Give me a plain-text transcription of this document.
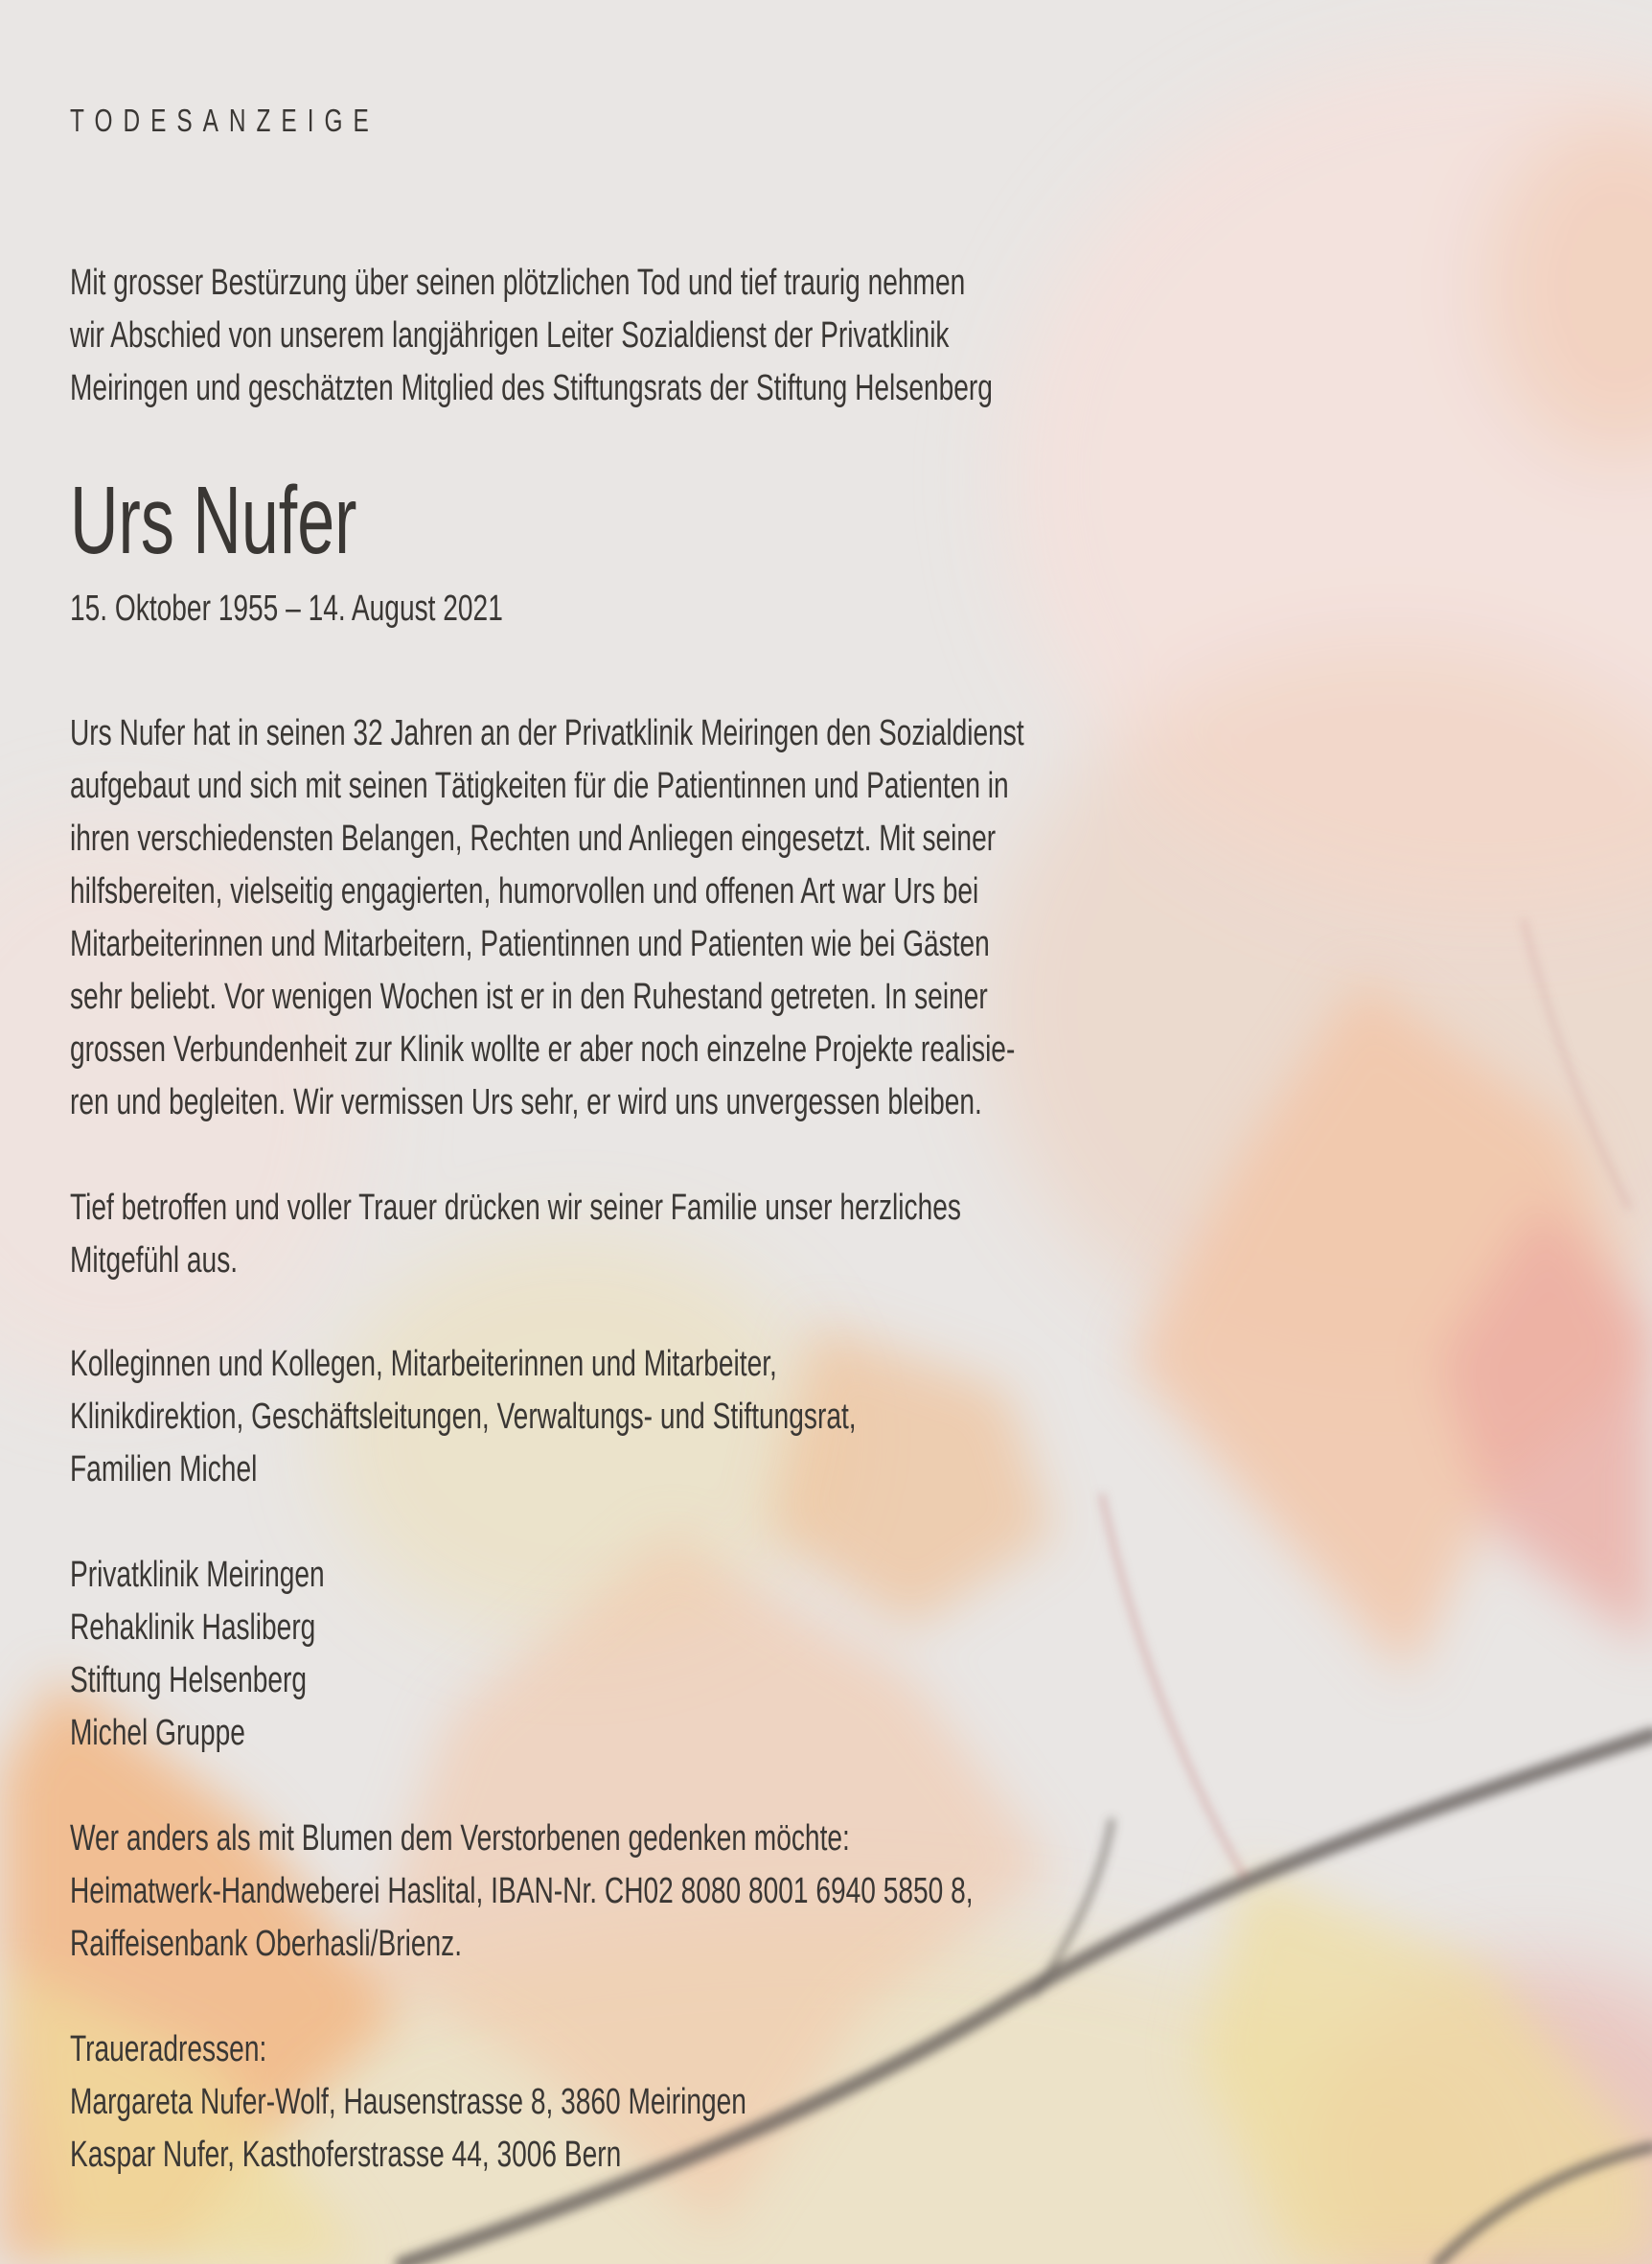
TODESANZEIGE
Mit grosser Bestürzung über seinen plötzlichen Tod und tief traurig nehmen
wir Abschied von unserem langjährigen Leiter Sozialdienst der Privatklinik
Meiringen und geschätzten Mitglied des Stiftungsrats der Stiftung Helsenberg
Urs Nufer
15. Oktober 1955 – 14. August 2021
Urs Nufer hat in seinen 32 Jahren an der Privatklinik Meiringen den Sozialdienst
aufgebaut und sich mit seinen Tätigkeiten für die Patientinnen und Patienten in
ihren verschiedensten Belangen, Rechten und Anliegen eingesetzt. Mit seiner
hilfsbereiten, vielseitig engagierten, humorvollen und offenen Art war Urs bei
Mitarbeiterinnen und Mitarbeitern, Patientinnen und Patienten wie bei Gästen
sehr beliebt. Vor wenigen Wochen ist er in den Ruhestand getreten. In seiner
grossen Verbundenheit zur Klinik wollte er aber noch einzelne Projekte realisie-
ren und begleiten. Wir vermissen Urs sehr, er wird uns unvergessen bleiben.
Tief betroffen und voller Trauer drücken wir seiner Familie unser herzliches
Mitgefühl aus.
Kolleginnen und Kollegen, Mitarbeiterinnen und Mitarbeiter,
Klinikdirektion, Geschäftsleitungen, Verwaltungs- und Stiftungsrat,
Familien Michel
Privatklinik Meiringen
Rehaklinik Hasliberg
Stiftung Helsenberg
Michel Gruppe
Wer anders als mit Blumen dem Verstorbenen gedenken möchte:
Heimatwerk-Handweberei Haslital, IBAN-Nr. CH02 8080 8001 6940 5850 8,
Raiffeisenbank Oberhasli/Brienz.
Traueradressen:
Margareta Nufer-Wolf, Hausenstrasse 8, 3860 Meiringen
Kaspar Nufer, Kasthoferstrasse 44, 3006 Bern
